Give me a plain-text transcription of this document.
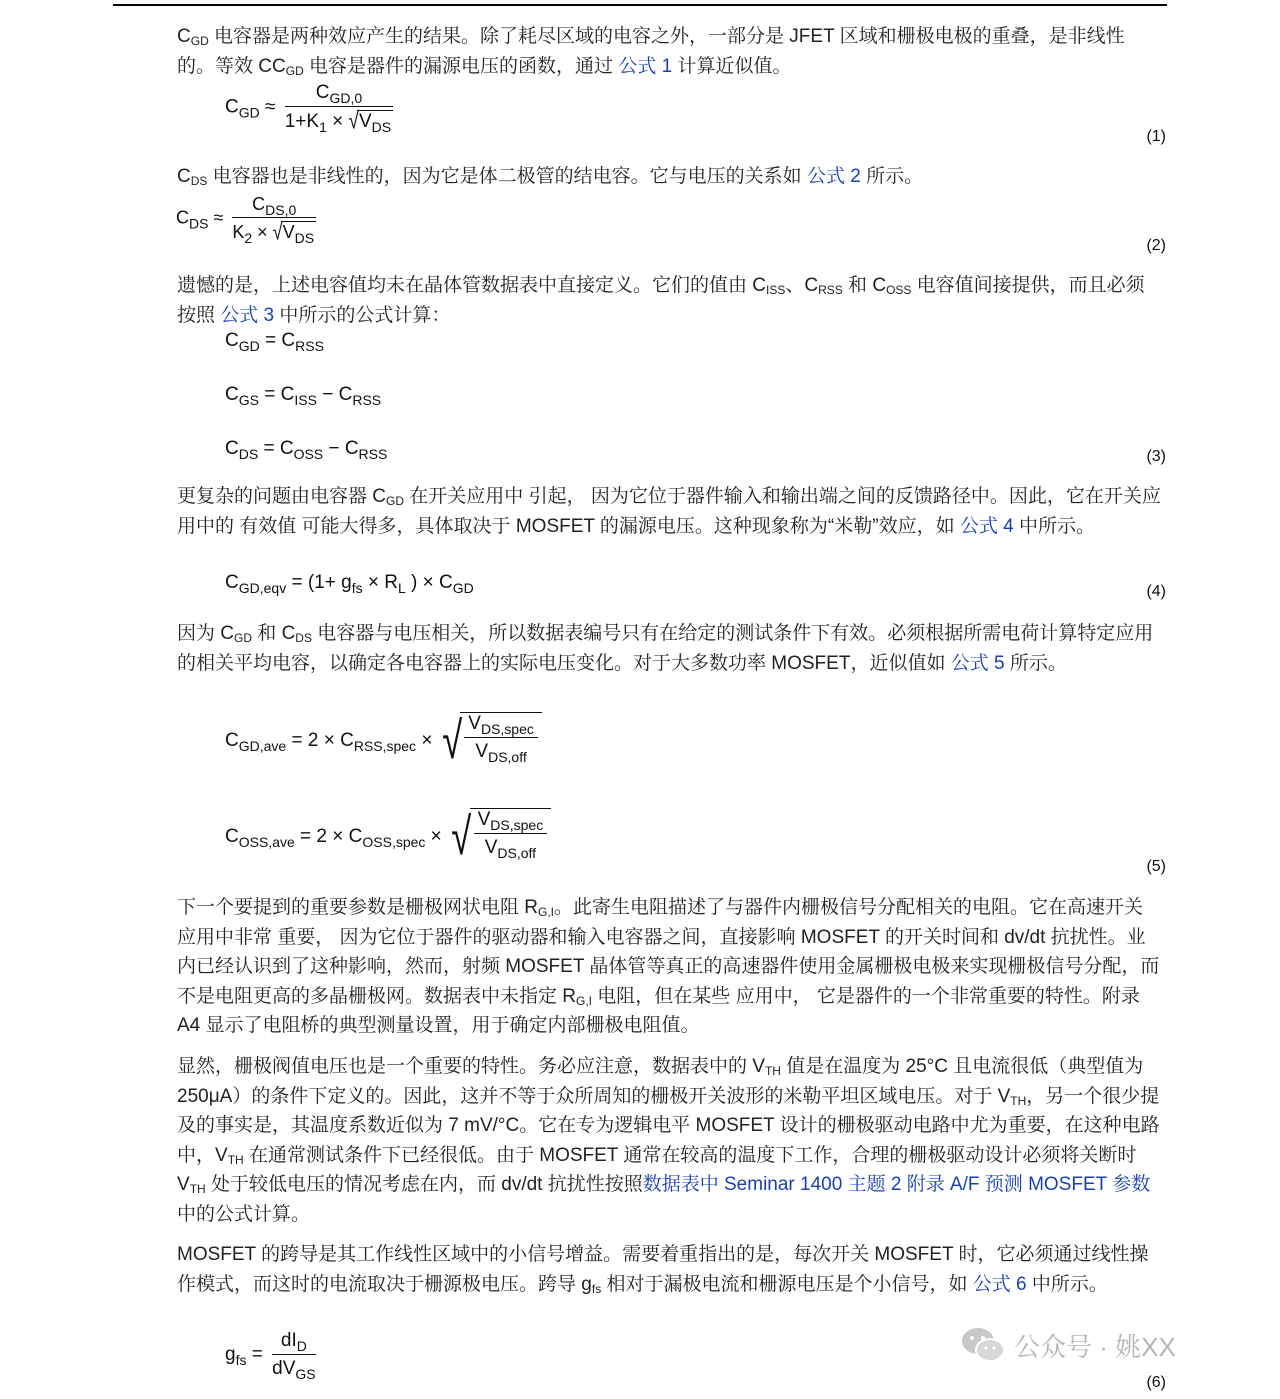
$C_{GD}$ 电容器是两种效应产生的结果。除了耗尽区域的电容之外，一部分是 JFET 区域和栅极电极的重叠，是非线性的。等效 $CC_{GD}$ 电容是器件的漏源电压的函数，通过 公式 1 计算近似值。

$C_{GD} \approx \frac{C_{GD,0}}{1+K_1 \times √V_{DS}}$
(1)

$C_{DS}$ 电容器也是非线性的，因为它是体二极管的结电容。它与电压的关系如 公式 2 所示。

$C_{DS} \approx \frac{C_{DS,0}}{K_2 \times √V_{DS}}$
(2)

遗憾的是，上述电容值均未在晶体管数据表中直接定义。它们的值由 $C_{ISS}$、$C_{RSS}$ 和 $C_{OSS}$ 电容值间接提供，而且必须按照 公式 3 中所示的公式计算：

$C_{GD} = C_{RSS}$
$C_{GS} = C_{ISS} - C_{RSS}$
$C_{DS} = C_{OSS} - C_{RSS}$	(3)

更复杂的问题由电容器 $C_{GD}$ 在开关应用中 引起， 因为它位于器件输入和输出端之间的反馈路径中。因此，它在开关应用中的 有效值 可能大得多，具体取决于 MOSFET 的漏源电压。这种现象称为“米勒”效应，如 公式 4 中所示。

$C_{GD,eqv} = (1+ g_{fs} \times R_L$ ) × $C_{GD}$	(4)

因为 $C_{GD}$ 和 $C_{DS}$ 电容器与电压相关，所以数据表编号只有在给定的测试条件下有效。必须根据所需电荷计算特定应用的相关平均电容，以确定各电容器上的实际电压变化。对于大多数功率 MOSFET，近似值如 公式 5 所示。

$C_{GD,ave} = 2 \times C_{RSS,spec}$ × √ $\frac{V_{DS,spec}}{V_{DS,off}}$
$C_{OSS,ave} = 2 \times C_{OSS,spec}$ × √ $\frac{V_{DS,spec}}{V_{DS,off}}$
(5)

下一个要提到的重要参数是栅极网状电阻 $R_{G,I}$。此寄生电阻描述了与器件内栅极信号分配相关的电阻。它在高速开关应用中非常 重要， 因为它位于器件的驱动器和输入电容器之间，直接影响 MOSFET 的开关时间和 dv/dt 抗扰性。业内已经认识到了这种影响，然而，射频 MOSFET 晶体管等真正的高速器件使用金属栅极电极来实现栅极信号分配，而不是电阻更高的多晶栅极网。数据表中未指定 $R_{G,I}$ 电阻，但在某些 应用中， 它是器件的一个非常重要的特性。附录 A4 显示了电阻桥的典型测量设置，用于确定内部栅极电阻值。

显然，栅极阀值电压也是一个重要的特性。务必应注意，数据表中的 $V_{TH}$ 值是在温度为 25°C 且电流很低（典型值为 250μA）的条件下定义的。因此，这并不等于众所周知的栅极开关波形的米勒平坦区域电压。对于 $V_{TH}$，另一个很少提及的事实是，其温度系数近似为 7 mV/°C。它在专为逻辑电平 MOSFET 设计的栅极驱动电路中尤为重要，在这种电路中，$V_{TH}$ 在通常测试条件下已经很低。由于 MOSFET 通常在较高的温度下工作，合理的栅极驱动设计必须将关断时 $V_{TH}$ 处于较低电压的情况考虑在内，而 dv/dt 抗扰性按照数据表中 Seminar 1400 主题 2 附录 A/F 预测 MOSFET 参数中的公式计算。

MOSFET 的跨导是其工作线性区域中的小信号增益。需要着重指出的是，每次开关 MOSFET 时，它必须通过线性操作模式，而这时的电流取决于栅源极电压。跨导 $g_{fs}$ 相对于漏极电流和栅源电压是个小信号，如 公式 6 中所示。

$g_{fs} = \frac{dI_D}{dV_{GS}}$
(6)
公众号 · 姚XX
